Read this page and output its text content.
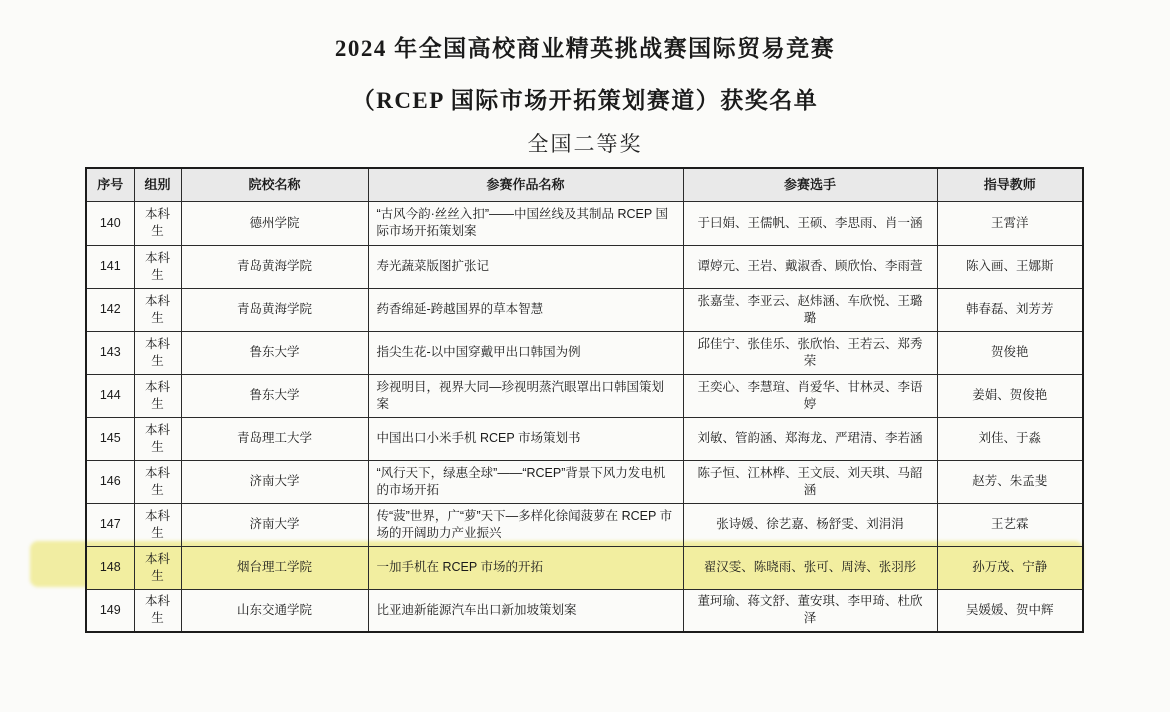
2024 年全国高校商业精英挑战赛国际贸易竞赛
（RCEP 国际市场开拓策划赛道）获奖名单
全国二等奖
序号	组别	院校名称	参赛作品名称	参赛选手	指导教师
140	本科生	德州学院	“古风今韵·丝丝入扣”——中国丝线及其制品 RCEP 国际市场开拓策划案	于曰娟、王儒帆、王硕、李思雨、肖一涵	王霄洋
141	本科生	青岛黄海学院	寿光蔬菜版图扩张记	谭婷元、王岩、戴淑香、顾欣怡、李雨萱	陈入画、王娜斯
142	本科生	青岛黄海学院	药香绵延-跨越国界的草本智慧	张嘉莹、李亚云、赵炜涵、车欣悦、王璐璐	韩春磊、刘芳芳
143	本科生	鲁东大学	指尖生花-以中国穿戴甲出口韩国为例	邱佳宁、张佳乐、张欣怡、王若云、郑秀荣	贺俊艳
144	本科生	鲁东大学	珍视明目，视界大同—珍视明蒸汽眼罩出口韩国策划案	王奕心、李慧瑄、肖爱华、甘林灵、李语婷	姜娟、贺俊艳
145	本科生	青岛理工大学	中国出口小米手机 RCEP 市场策划书	刘敏、管韵涵、郑海龙、严珺清、李若涵	刘佳、于淼
146	本科生	济南大学	“风行天下，绿惠全球”——“RCEP”背景下风力发电机的市场开拓	陈子恒、江林桦、王文辰、刘天琪、马韶涵	赵芳、朱孟斐
147	本科生	济南大学	传“菠”世界，广“萝”天下—多样化徐闻菠萝在 RCEP 市场的开阔助力产业振兴	张诗媛、徐艺嘉、杨舒雯、刘涓涓	王艺霖
148	本科生	烟台理工学院	一加手机在 RCEP 市场的开拓	翟汉雯、陈晓雨、张可、周涛、张羽彤	孙万茂、宁静
149	本科生	山东交通学院	比亚迪新能源汽车出口新加坡策划案	董珂瑜、蒋文舒、董安琪、李甲琦、杜欣泽	吴媛媛、贺中辉
